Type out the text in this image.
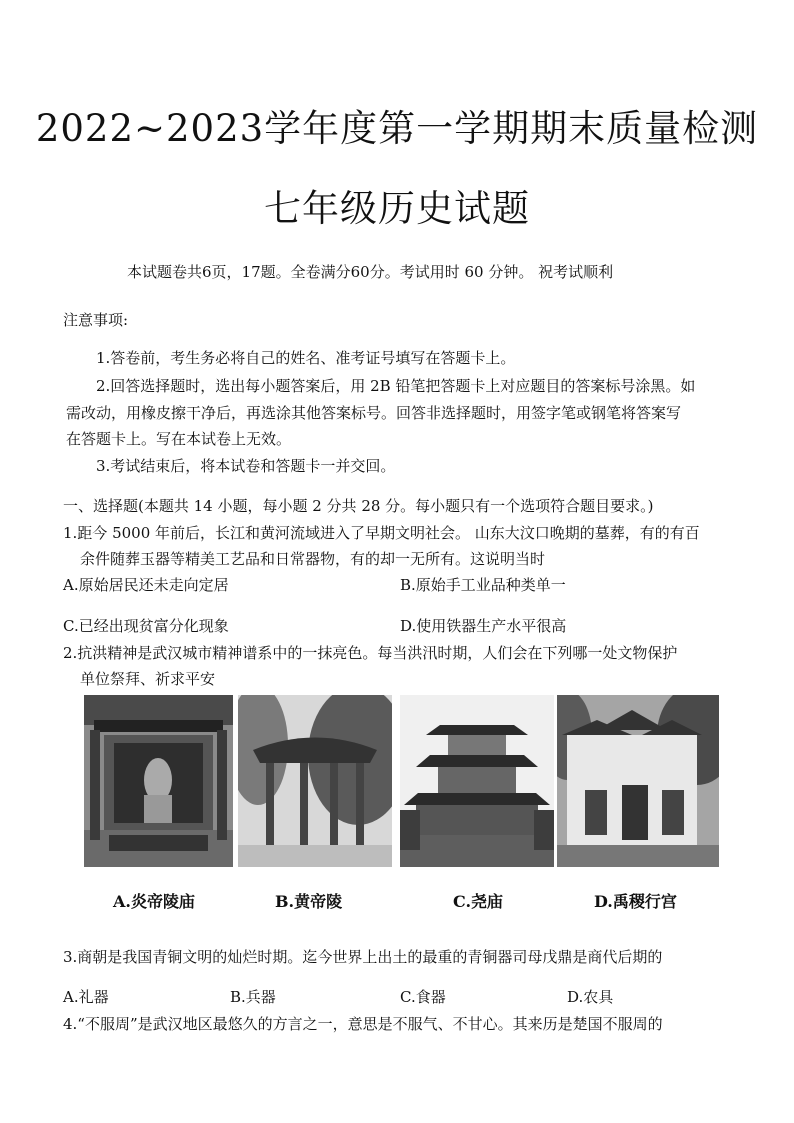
2022~2023学年度第一学期期末质量检测
七年级历史试题
本试题卷共6页，17题。全卷满分60分。考试用时 60 分钟。 祝考试顺利
注意事项:
1.答卷前，考生务必将自己的姓名、准考证号填写在答题卡上。
2.回答选择题时，选出每小题答案后，用 2B 铅笔把答题卡上对应题目的答案标号涂黑。如
需改动，用橡皮擦干净后，再选涂其他答案标号。回答非选择题时，用签字笔或钢笔将答案写
在答题卡上。写在本试卷上无效。
3.考试结束后，将本试卷和答题卡一并交回。
一、选择题(本题共 14 小题，每小题 2 分共 28 分。每小题只有一个选项符合题目要求。)
1.距今 5000 年前后，长江和黄河流域进入了早期文明社会。 山东大汶口晚期的墓葬，有的有百
余件随葬玉器等精美工艺品和日常器物，有的却一无所有。这说明当时
A.原始居民还未走向定居	B.原始手工业品种类单一
C.已经出现贫富分化现象	D.使用铁器生产水平很高
2.抗洪精神是武汉城市精神谱系中的一抹亮色。每当洪汛时期，人们会在下列哪一处文物保护
单位祭拜、祈求平安
A.炎帝陵庙	B.黄帝陵	C.尧庙	D.禹稷行宫
3.商朝是我国青铜文明的灿烂时期。迄今世界上出土的最重的青铜器司母戊鼎是商代后期的
A.礼器	B.兵器	C.食器	D.农具
4.“不服周”是武汉地区最悠久的方言之一，意思是不服气、不甘心。其来历是楚国不服周的
